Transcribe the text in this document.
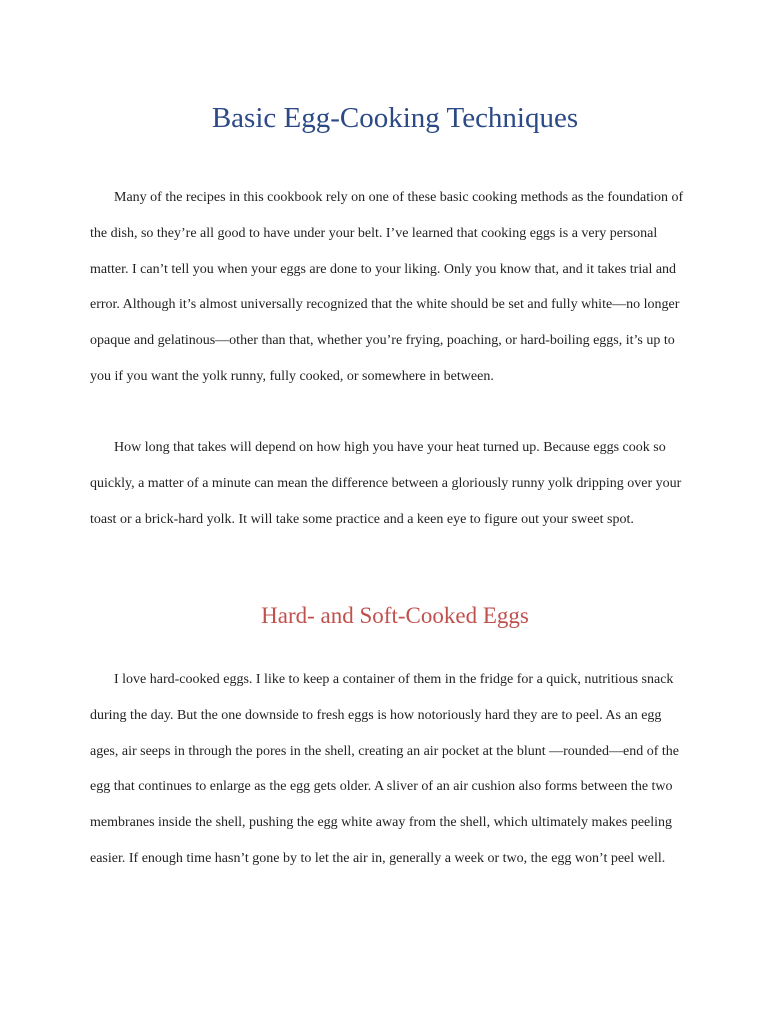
Basic Egg-Cooking Techniques

Many of the recipes in this cookbook rely on one of these basic cooking methods as the foundation of the dish, so they’re all good to have under your belt. I’ve learned that cooking eggs is a very personal matter. I can’t tell you when your eggs are done to your liking. Only you know that, and it takes trial and error. Although it’s almost universally recognized that the white should be set and fully white—no longer opaque and gelatinous—other than that, whether you’re frying, poaching, or hard-boiling eggs, it’s up to you if you want the yolk runny, fully cooked, or somewhere in between.

How long that takes will depend on how high you have your heat turned up. Because eggs cook so quickly, a matter of a minute can mean the difference between a gloriously runny yolk dripping over your toast or a brick-hard yolk. It will take some practice and a keen eye to figure out your sweet spot.

Hard- and Soft-Cooked Eggs

I love hard-cooked eggs. I like to keep a container of them in the fridge for a quick, nutritious snack during the day. But the one downside to fresh eggs is how notoriously hard they are to peel. As an egg ages, air seeps in through the pores in the shell, creating an air pocket at the blunt —rounded—end of the egg that continues to enlarge as the egg gets older. A sliver of an air cushion also forms between the two membranes inside the shell, pushing the egg white away from the shell, which ultimately makes peeling easier. If enough time hasn’t gone by to let the air in, generally a week or two, the egg won’t peel well.
